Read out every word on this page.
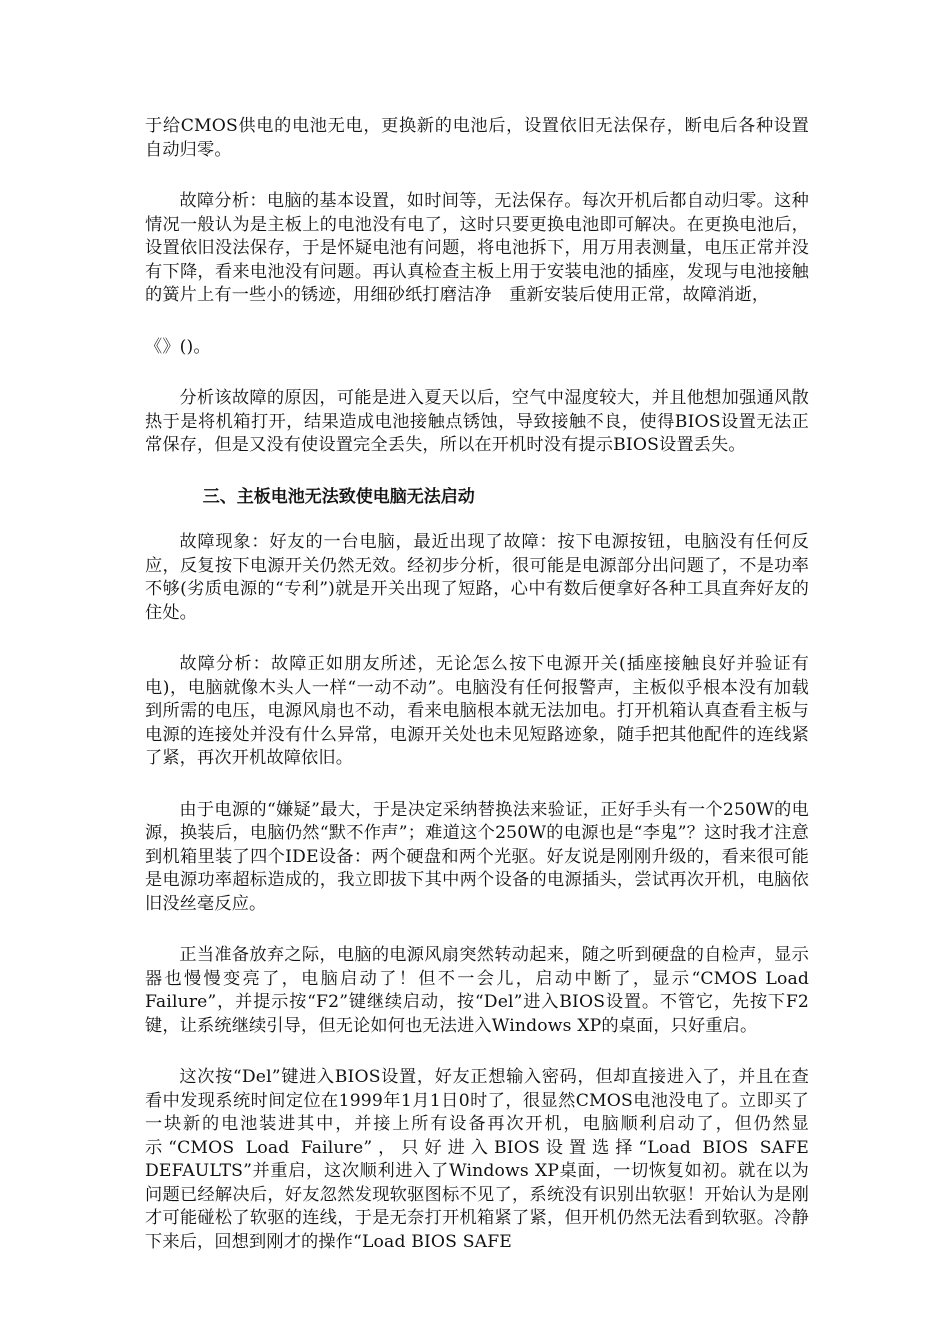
于给CMOS供电的电池无电，更换新的电池后，设置依旧无法保存，断电后各种设置自动归零。

故障分析：电脑的基本设置，如时间等，无法保存。每次开机后都自动归零。这种情况一般认为是主板上的电池没有电了，这时只要更换电池即可解决。在更换电池后，设置依旧没法保存，于是怀疑电池有问题，将电池拆下，用万用表测量，电压正常并没有下降，看来电池没有问题。再认真检查主板上用于安装电池的插座，发现与电池接触的簧片上有一些小的锈迹，用细砂纸打磨洁净　重新安装后使用正常，故障消逝，

《》()。

分析该故障的原因，可能是进入夏天以后，空气中湿度较大，并且他想加强通风散热于是将机箱打开，结果造成电池接触点锈蚀，导致接触不良，使得BIOS设置无法正常保存，但是又没有使设置完全丢失，所以在开机时没有提示BIOS设置丢失。

三、主板电池无法致使电脑无法启动

故障现象：好友的一台电脑，最近出现了故障：按下电源按钮，电脑没有任何反应，反复按下电源开关仍然无效。经初步分析，很可能是电源部分出问题了，不是功率不够(劣质电源的“专利”)就是开关出现了短路，心中有数后便拿好各种工具直奔好友的住处。

故障分析：故障正如朋友所述，无论怎么按下电源开关(插座接触良好并验证有电)，电脑就像木头人一样“一动不动”。电脑没有任何报警声，主板似乎根本没有加载到所需的电压，电源风扇也不动，看来电脑根本就无法加电。打开机箱认真查看主板与电源的连接处并没有什么异常，电源开关处也未见短路迹象，随手把其他配件的连线紧了紧，再次开机故障依旧。

由于电源的“嫌疑”最大，于是决定采纳替换法来验证，正好手头有一个250W的电源，换装后，电脑仍然“默不作声”；难道这个250W的电源也是“李鬼”？这时我才注意到机箱里装了四个IDE设备：两个硬盘和两个光驱。好友说是刚刚升级的，看来很可能是电源功率超标造成的，我立即拔下其中两个设备的电源插头，尝试再次开机，电脑依旧没丝毫反应。

正当准备放弃之际，电脑的电源风扇突然转动起来，随之听到硬盘的自检声，显示器也慢慢变亮了，电脑启动了！但不一会儿，启动中断了，显示“CMOS Load Failure”，并提示按“F2”键继续启动，按“Del”进入BIOS设置。不管它，先按下F2键，让系统继续引导，但无论如何也无法进入Windows XP的桌面，只好重启。

这次按“Del”键进入BIOS设置，好友正想输入密码，但却直接进入了，并且在查看中发现系统时间定位在1999年1月1日0时了，很显然CMOS电池没电了。立即买了一块新的电池装进其中，并接上所有设备再次开机，电脑顺利启动了，但仍然显示“CMOS Load Failure”，只好进入BIOS设置选择“Load BIOS SAFE DEFAULTS”并重启，这次顺利进入了Windows XP桌面，一切恢复如初。就在以为问题已经解决后，好友忽然发现软驱图标不见了，系统没有识别出软驱！开始认为是刚才可能碰松了软驱的连线，于是无奈打开机箱紧了紧，但开机仍然无法看到软驱。冷静下来后，回想到刚才的操作“Load BIOS SAFE
